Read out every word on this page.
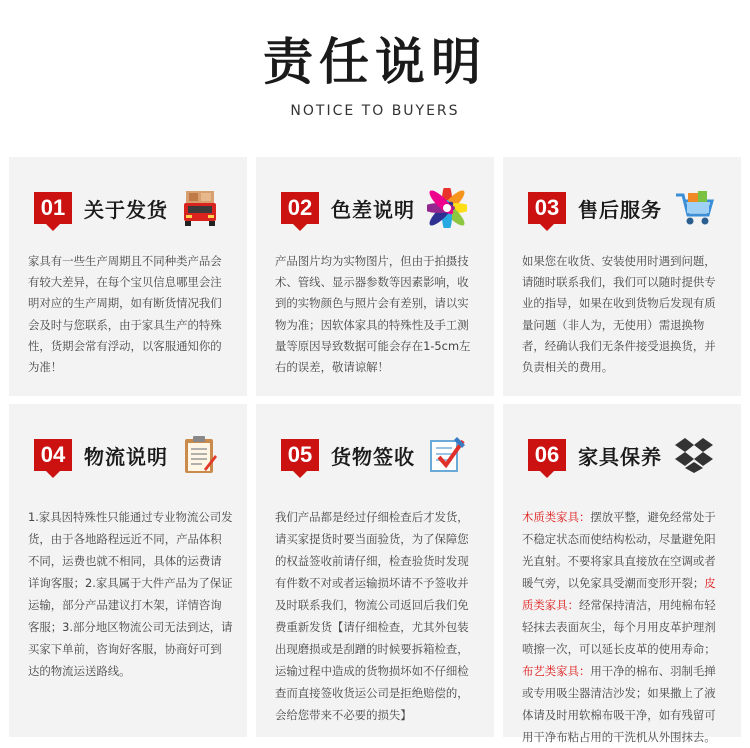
责任说明
NOTICE TO BUYERS
01 关于发货
家具有一些生产周期且不同种类产品会有较大差异，在每个宝贝信息哪里会注明对应的生产周期，如有断货情况我们会及时与您联系，由于家具生产的特殊性，货期会常有浮动，以客服通知你的为准！
02 色差说明
产品图片均为实物图片，但由于拍摄技术、管线、显示器参数等因素影响，收到的实物颜色与照片会有差别，请以实物为准；因软体家具的特殊性及手工测量等原因导致数据可能会存在1-5cm左右的误差，敬请谅解！
03 售后服务
如果您在收货、安装使用时遇到问题，请随时联系我们，我们可以随时提供专业的指导，如果在收到货物后发现有质量问题（非人为，无使用）需退换物者，经确认我们无条件接受退换货，并负责相关的费用。
04 物流说明
1.家具因特殊性只能通过专业物流公司发货，由于各地路程远近不同，产品体积不同，运费也就不相同，具体的运费请详询客服；2.家具属于大件产品为了保证运输，部分产品建议打木架，详情咨询客服；3.部分地区物流公司无法到达，请买家下单前，咨询好客服，协商好可到达的物流运送路线。
05 货物签收
我们产品都是经过仔细检查后才发货，请买家提货时要当面验货，为了保障您的权益签收前请仔细，检查验货时发现有件数不对或者运输损坏请不予签收并及时联系我们，物流公司返回后我们免费重新发货【请仔细检查，尤其外包装出现磨损或是刮蹭的时候要拆箱检查，运输过程中造成的货物损坏如不仔细检查而直接签收货运公司是拒绝赔偿的，会给您带来不必要的损失】
06 家具保养
木质类家具：摆放平整，避免经常处于不稳定状态而使结构松动，尽量避免阳光直射。不要将家具直接放在空调或者暖气旁，以免家具受潮而变形开裂；皮质类家具：经常保持清洁，用纯棉布轻轻抹去表面灰尘，每个月用皮革护理剂喷擦一次，可以延长皮革的使用寿命；布艺类家具：用干净的棉布、羽制毛掸或专用吸尘器清洁沙发；如果撒上了液体请及时用软棉布吸干净，如有残留可用干净布粘占用的干洗机从外围抹去。
